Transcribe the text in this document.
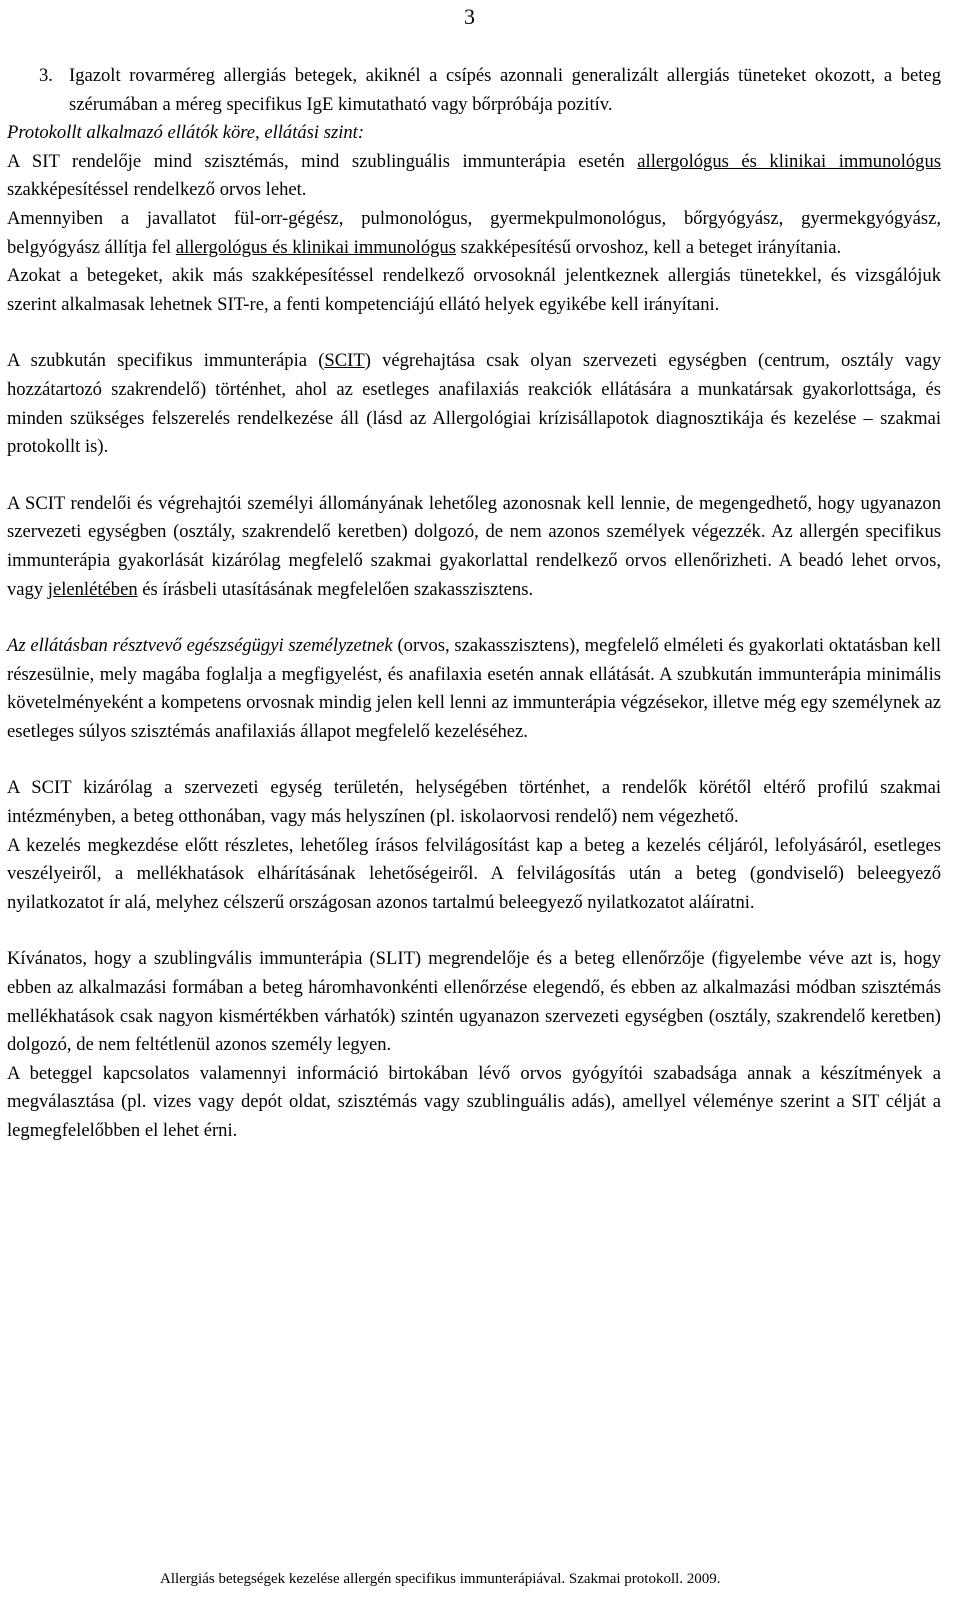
3
3. Igazolt rovarméreg allergiás betegek, akiknél a csípés azonnali generalizált allergiás tüneteket okozott, a beteg szérumában a méreg specifikus IgE kimutatható vagy bőrpróbája pozitív.

Protokollt alkalmazó ellátók köre, ellátási szint:

A SIT rendelője mind szisztémás, mind szublinguális immunterápia esetén allergológus és klinikai immunológus szakképesítéssel rendelkező orvos lehet.

Amennyiben a javallatot fül-orr-gégész, pulmonológus, gyermekpulmonológus, bőrgyógyász, gyermekgyógyász, belgyógyász állítja fel allergológus és klinikai immunológus szakképesítésű orvoshoz, kell a beteget irányítania.

Azokat a betegeket, akik más szakképesítéssel rendelkező orvosoknál jelentkeznek allergiás tünetekkel, és vizsgálójuk szerint alkalmasak lehetnek SIT-re, a fenti kompetenciájú ellátó helyek egyikébe kell irányítani.

A szubkután specifikus immunterápia (SCIT) végrehajtása csak olyan szervezeti egységben (centrum, osztály vagy hozzátartozó szakrendelő) történhet, ahol az esetleges anafilaxiás reakciók ellátására a munkatársak gyakorlottsága, és minden szükséges felszerelés rendelkezése áll (lásd az Allergológiai krízisállapotok diagnosztikája és kezelése – szakmai protokollt is).

A SCIT rendelői és végrehajtói személyi állományának lehetőleg azonosnak kell lennie, de megengedhető, hogy ugyanazon szervezeti egységben (osztály, szakrendelő keretben) dolgozó, de nem azonos személyek végezzék. Az allergén specifikus immunterápia gyakorlását kizárólag megfelelő szakmai gyakorlattal rendelkező orvos ellenőrizheti. A beadó lehet orvos, vagy jelenlétében és írásbeli utasításának megfelelően szakasszisztens.

Az ellátásban résztvevő egészségügyi személyzetnek (orvos, szakasszisztens), megfelelő elméleti és gyakorlati oktatásban kell részesülnie, mely magába foglalja a megfigyelést, és anafilaxia esetén annak ellátását. A szubkután immunterápia minimális követelményeként a kompetens orvosnak mindig jelen kell lenni az immunterápia végzésekor, illetve még egy személynek az esetleges súlyos szisztémás anafilaxiás állapot megfelelő kezeléséhez.

A SCIT kizárólag a szervezeti egység területén, helységében történhet, a rendelők körétől eltérő profilú szakmai intézményben, a beteg otthonában, vagy más helyszínen (pl. iskolaorvosi rendelő) nem végezhető.

A kezelés megkezdése előtt részletes, lehetőleg írásos felvilágosítást kap a beteg a kezelés céljáról, lefolyásáról, esetleges veszélyeiről, a mellékhatások elhárításának lehetőségeiről. A felvilágosítás után a beteg (gondviselő) beleegyező nyilatkozatot ír alá, melyhez célszerű országosan azonos tartalmú beleegyező nyilatkozatot aláíratni.

Kívánatos, hogy a szublingvális immunterápia (SLIT) megrendelője és a beteg ellenőrzője (figyelembe véve azt is, hogy ebben az alkalmazási formában a beteg háromhavonkénti ellenőrzése elegendő, és ebben az alkalmazási módban szisztémás mellékhatások csak nagyon kismértékben várhatók) szintén ugyanazon szervezeti egységben (osztály, szakrendelő keretben) dolgozó, de nem feltétlenül azonos személy legyen.

A beteggel kapcsolatos valamennyi információ birtokában lévő orvos gyógyítói szabadsága annak a készítmények a megválasztása (pl. vizes vagy depót oldat, szisztémás vagy szublinguális adás), amellyel véleménye szerint a SIT célját a legmegfelelőbben el lehet érni.

Allergiás betegségek kezelése allergén specifikus immunterápiával. Szakmai protokoll. 2009.
